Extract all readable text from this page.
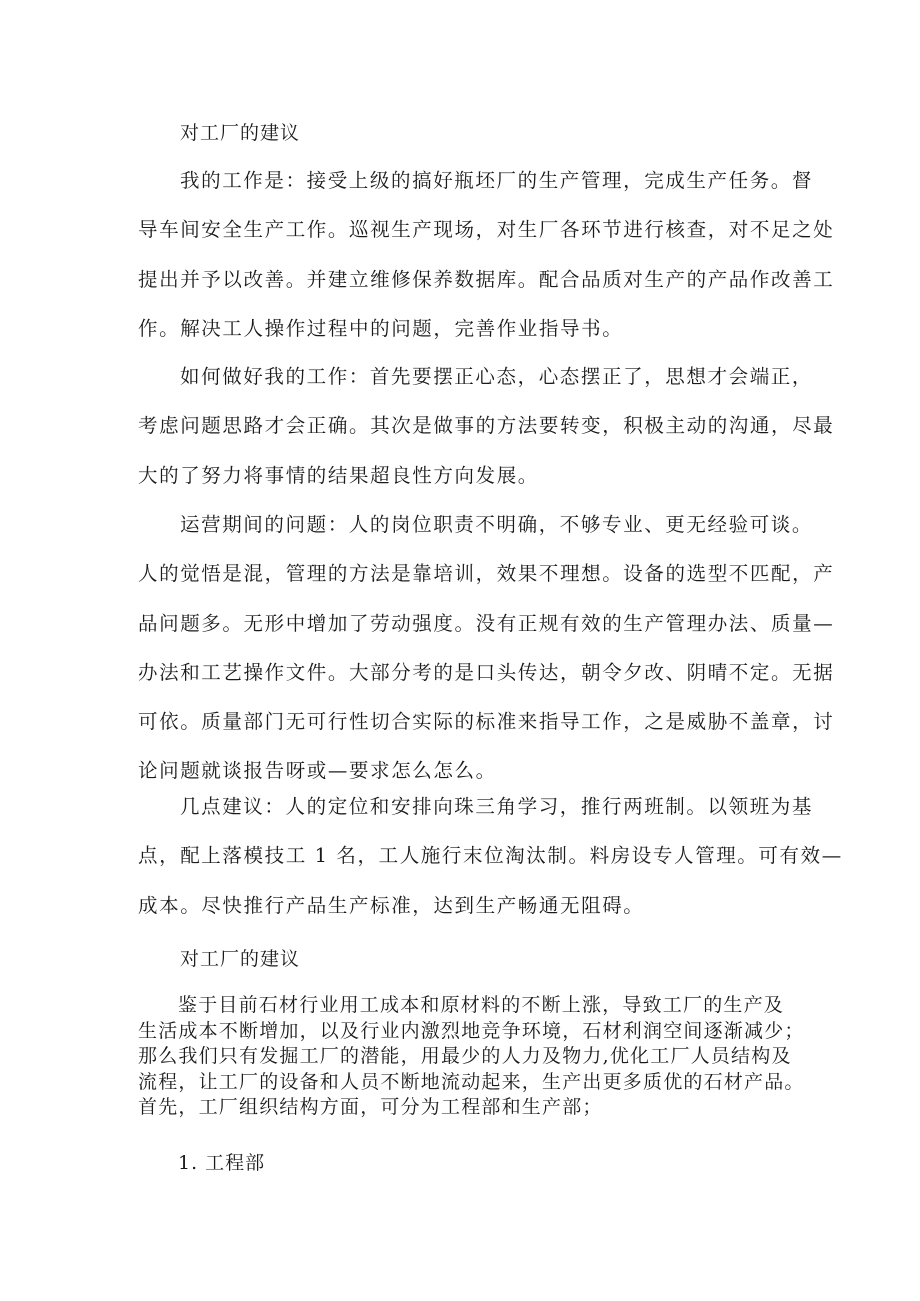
对工厂的建议
我的工作是：接受上级的搞好瓶坯厂的生产管理，完成生产任务。督
导车间安全生产工作。巡视生产现场，对生厂各环节进行核查，对不足之处
提出并予以改善。并建立维修保养数据库。配合品质对生产的产品作改善工
作。解决工人操作过程中的问题，完善作业指导书。
如何做好我的工作：首先要摆正心态，心态摆正了，思想才会端正，
考虑问题思路才会正确。其次是做事的方法要转变，积极主动的沟通，尽最
大的了努力将事情的结果超良性方向发展。
运营期间的问题：人的岗位职责不明确，不够专业、更无经验可谈。
人的觉悟是混，管理的方法是靠培训，效果不理想。设备的选型不匹配，产
品问题多。无形中增加了劳动强度。没有正规有效的生产管理办法、质量—
办法和工艺操作文件。大部分考的是口头传达，朝令夕改、阴晴不定。无据
可依。质量部门无可行性切合实际的标准来指导工作，之是威胁不盖章，讨
论问题就谈报告呀或—要求怎么怎么。
几点建议：人的定位和安排向珠三角学习，推行两班制。以领班为基
点，配上落模技工 1 名，工人施行末位淘汰制。料房设专人管理。可有效—
成本。尽快推行产品生产标准，达到生产畅通无阻碍。
对工厂的建议
鉴于目前石材行业用工成本和原材料的不断上涨，导致工厂的生产及
生活成本不断增加，以及行业内激烈地竞争环境，石材利润空间逐渐减少；
那么我们只有发掘工厂的潜能，用最少的人力及物力,优化工厂人员结构及
流程，让工厂的设备和人员不断地流动起来，生产出更多质优的石材产品。
首先，工厂组织结构方面，可分为工程部和生产部；
1. 工程部
